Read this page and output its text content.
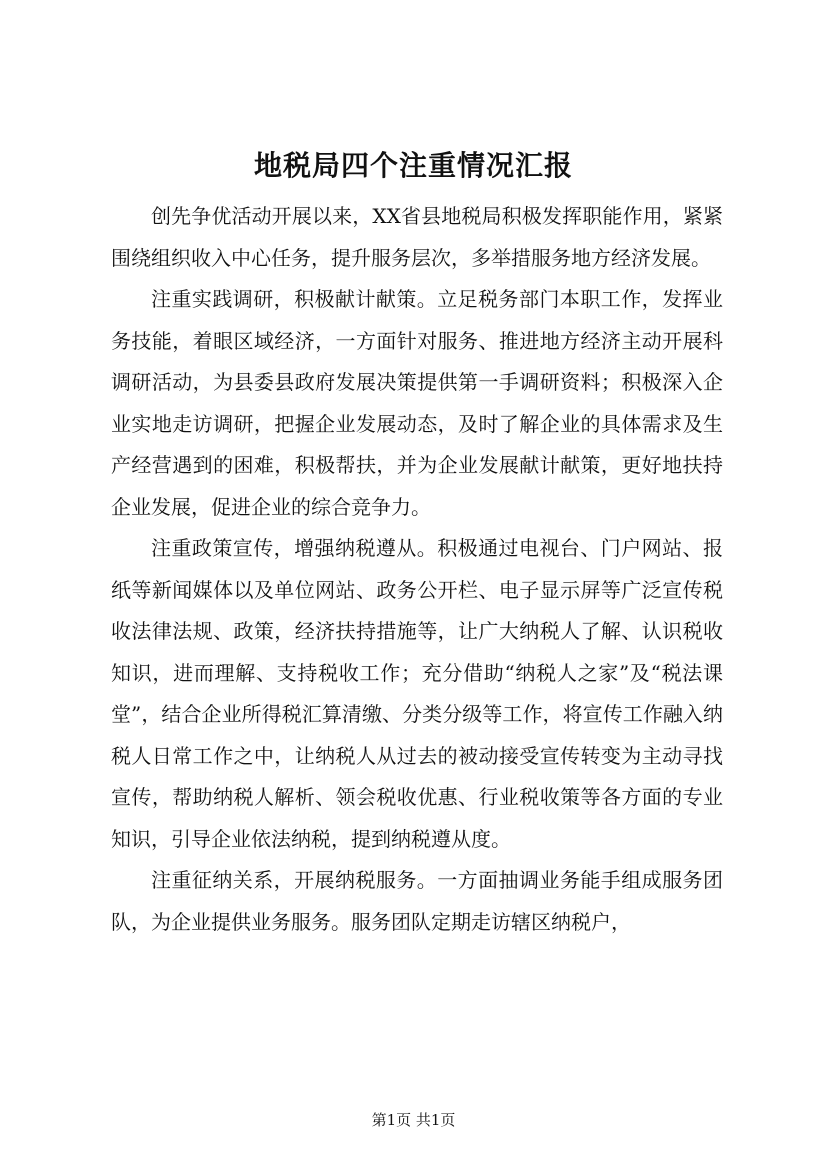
地税局四个注重情况汇报

创先争优活动开展以来，XX省县地税局积极发挥职能作用，紧紧围绕组织收入中心任务，提升服务层次，多举措服务地方经济发展。

注重实践调研，积极献计献策。立足税务部门本职工作，发挥业务技能，着眼区域经济，一方面针对服务、推进地方经济主动开展科调研活动，为县委县政府发展决策提供第一手调研资料；积极深入企业实地走访调研，把握企业发展动态，及时了解企业的具体需求及生产经营遇到的困难，积极帮扶，并为企业发展献计献策，更好地扶持企业发展，促进企业的综合竞争力。

注重政策宣传，增强纳税遵从。积极通过电视台、门户网站、报纸等新闻媒体以及单位网站、政务公开栏、电子显示屏等广泛宣传税收法律法规、政策，经济扶持措施等，让广大纳税人了解、认识税收知识，进而理解、支持税收工作；充分借助“纳税人之家”及“税法课堂”，结合企业所得税汇算清缴、分类分级等工作，将宣传工作融入纳税人日常工作之中，让纳税人从过去的被动接受宣传转变为主动寻找宣传，帮助纳税人解析、领会税收优惠、行业税收策等各方面的专业知识，引导企业依法纳税，提到纳税遵从度。

注重征纳关系，开展纳税服务。一方面抽调业务能手组成服务团队，为企业提供业务服务。服务团队定期走访辖区纳税户，

第1页 共1页
